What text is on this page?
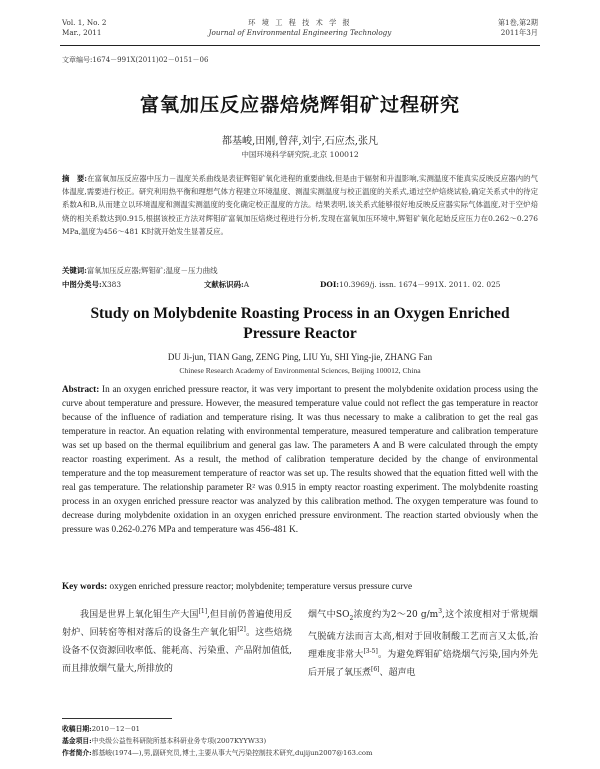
Vol. 1, No. 2
Mar., 2011
环 境 工 程 技 术 学 报
Journal of Environmental Engineering Technology
第1卷,第2期
2011年3月
文章编号:1674－991X(2011)02－0151－06
富氧加压反应器焙烧辉钼矿过程研究
都基峻,田刚,曾萍,刘宇,石应杰,张凡
中国环境科学研究院,北京 100012
摘　要:在富氧加压反应器中压力－温度关系曲线是表征辉钼矿氧化进程的重要曲线,但是由于辐射和升温影响,实测温度不能真实反映反应器内的气体温度,需要进行校正。研究利用热平衡和理想气体方程建立环境温度、测温实测温度与校正温度的关系式,通过空炉焙烧试验,确定关系式中的待定系数A和B,从而建立以环境温度和测温实测温度的变化确定校正温度的方法。结果表明,该关系式能够很好地反映反应器实际气体温度,对于空炉焙烧的相关系数达到0.915,根据该校正方法对辉钼矿富氧加压焙烧过程进行分析,发现在富氧加压环境中,辉钼矿氧化起始反应压力在0.262～0.276 MPa,温度为456～481 K时就开始发生显著反应。
关键词:富氧加压反应器;辉钼矿;温度－压力曲线
中图分类号:X383	文献标识码:A	DOI:10.3969/j. issn. 1674－991X. 2011. 02. 025
Study on Molybdenite Roasting Process in an Oxygen Enriched Pressure Reactor
DU Ji-jun, TIAN Gang, ZENG Ping, LIU Yu, SHI Ying-jie, ZHANG Fan
Chinese Research Academy of Environmental Sciences, Beijing 100012, China
Abstract: In an oxygen enriched pressure reactor, it was very important to present the molybdenite oxidation process using the curve about temperature and pressure. However, the measured temperature value could not reflect the gas temperature in reactor because of the influence of radiation and temperature rising. It was thus necessary to make a calibration to get the real gas temperature in reactor. An equation relating with environmental temperature, measured temperature and calibration temperature was set up based on the thermal equilibrium and general gas law. The parameters A and B were calculated through the empty reactor roasting experiment. As a result, the method of calibration temperature decided by the change of environmental temperature and the top measurement temperature of reactor was set up. The results showed that the equation fitted well with the real gas temperature. The relationship parameter R² was 0.915 in empty reactor roasting experiment. The molybdenite roasting process in an oxygen enriched pressure reactor was analyzed by this calibration method. The oxygen temperature was found to decrease during molybdenite oxidation in an oxygen enriched pressure environment. The reaction started obviously when the pressure was 0.262-0.276 MPa and temperature was 456-481 K.
Key words: oxygen enriched pressure reactor; molybdenite; temperature versus pressure curve
我国是世界上氧化钼生产大国[1],但目前仍普遍使用反射炉、回转窑等相对落后的设备生产氧化钼[2]。这些焙烧设备不仅资源回收率低、能耗高、污染重、产品附加值低,而且排放烟气量大,所排放的
烟气中$SO_2$浓度约为2～20 $g/m^3$,这个浓度相对于常规烟气脱硫方法而言太高,相对于回收制酸工艺而言又太低,治理难度非常大[3-5]。为避免辉钼矿焙烧烟气污染,国内外先后开展了氧压煮[6]、超声电
收稿日期:2010－12－01
基金项目:中央级公益性科研院所基本科研业务专项(2007KYYW33)
作者简介:都基峻(1974—),男,副研究员,博士,主要从事大气污染控制技术研究,dujijun2007@163.com
